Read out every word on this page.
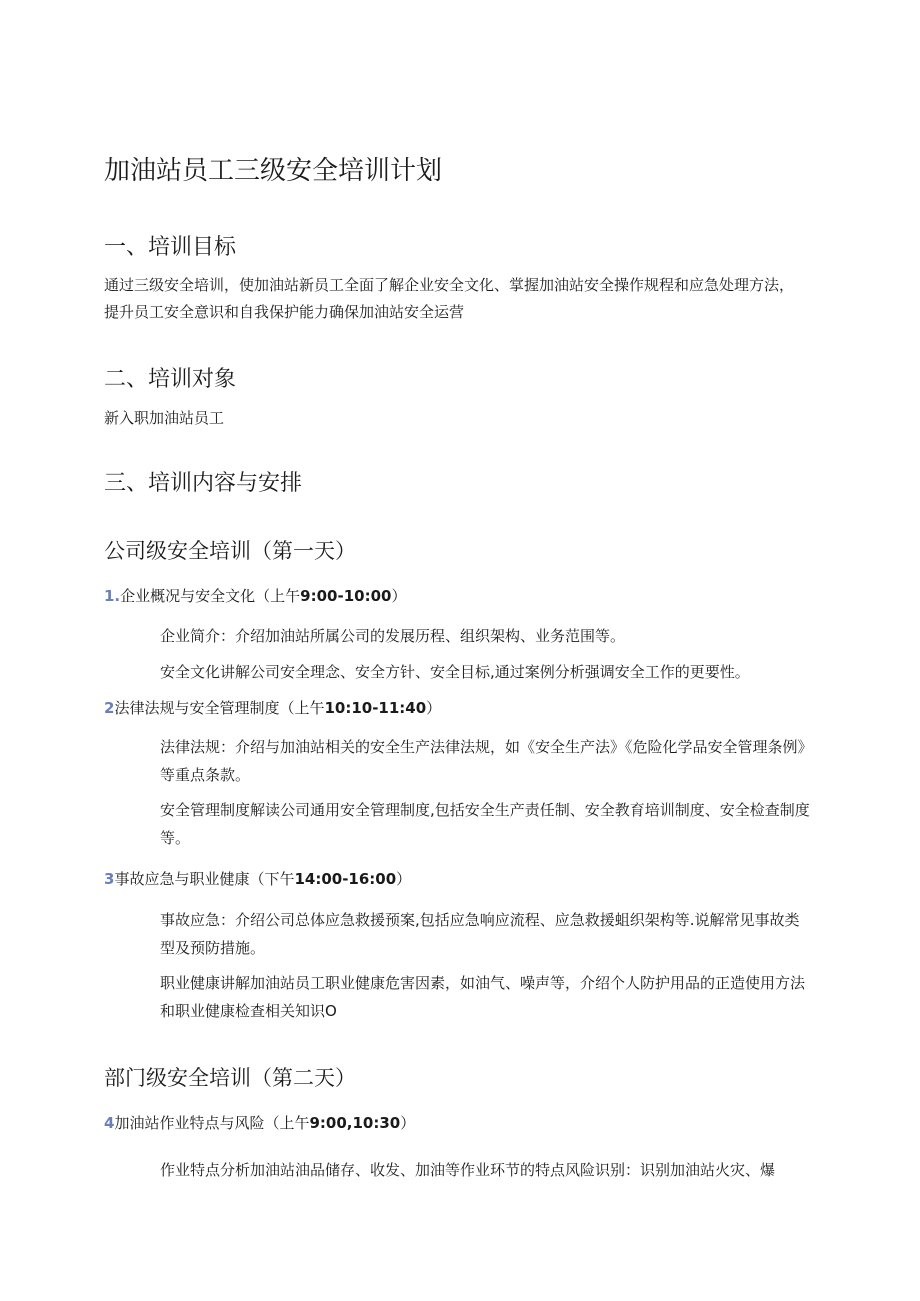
加油站员工三级安全培训计划
一、培训目标

通过三级安全培训，使加油站新员工全面了解企业安全文化、掌握加油站安全操作规程和应急处理方法，提升员工安全意识和自我保护能力确保加油站安全运营

二、培训对象

新入职加油站员工

三、培训内容与安排
公司级安全培训（第一天）
1.企业概况与安全文化（上午9:00-10:00）

企业简介：介绍加油站所属公司的发展历程、组织架构、业务范围等。

安全文化讲解公司安全理念、安全方针、安全目标,通过案例分析强调安全工作的更要性。

2法律法规与安全管理制度（上午10:10-11:40）

法律法规：介绍与加油站相关的安全生产法律法规，如《安全生产法》《危险化学品安全管理条例》等重点条款。

安全管理制度解读公司通用安全管理制度,包括安全生产责任制、安全教育培训制度、安全检查制度等。

3事故应急与职业健康（下午14:00-16:00）

事故应急：介绍公司总体应急救援预案,包括应急响应流程、应急救援蛆织架构等.说解常见事故类型及预防措施。

职业健康讲解加油站员工职业健康危害因素，如油气、噪声等，介绍个人防护用品的正造使用方法和职业健康检查相关知识O

部门级安全培训（第二天）
4加油站作业特点与风险（上午9:00,10:30）

作业特点分析加油站油品储存、收发、加油等作业环节的特点风险识别：识别加油站火灾、爆
